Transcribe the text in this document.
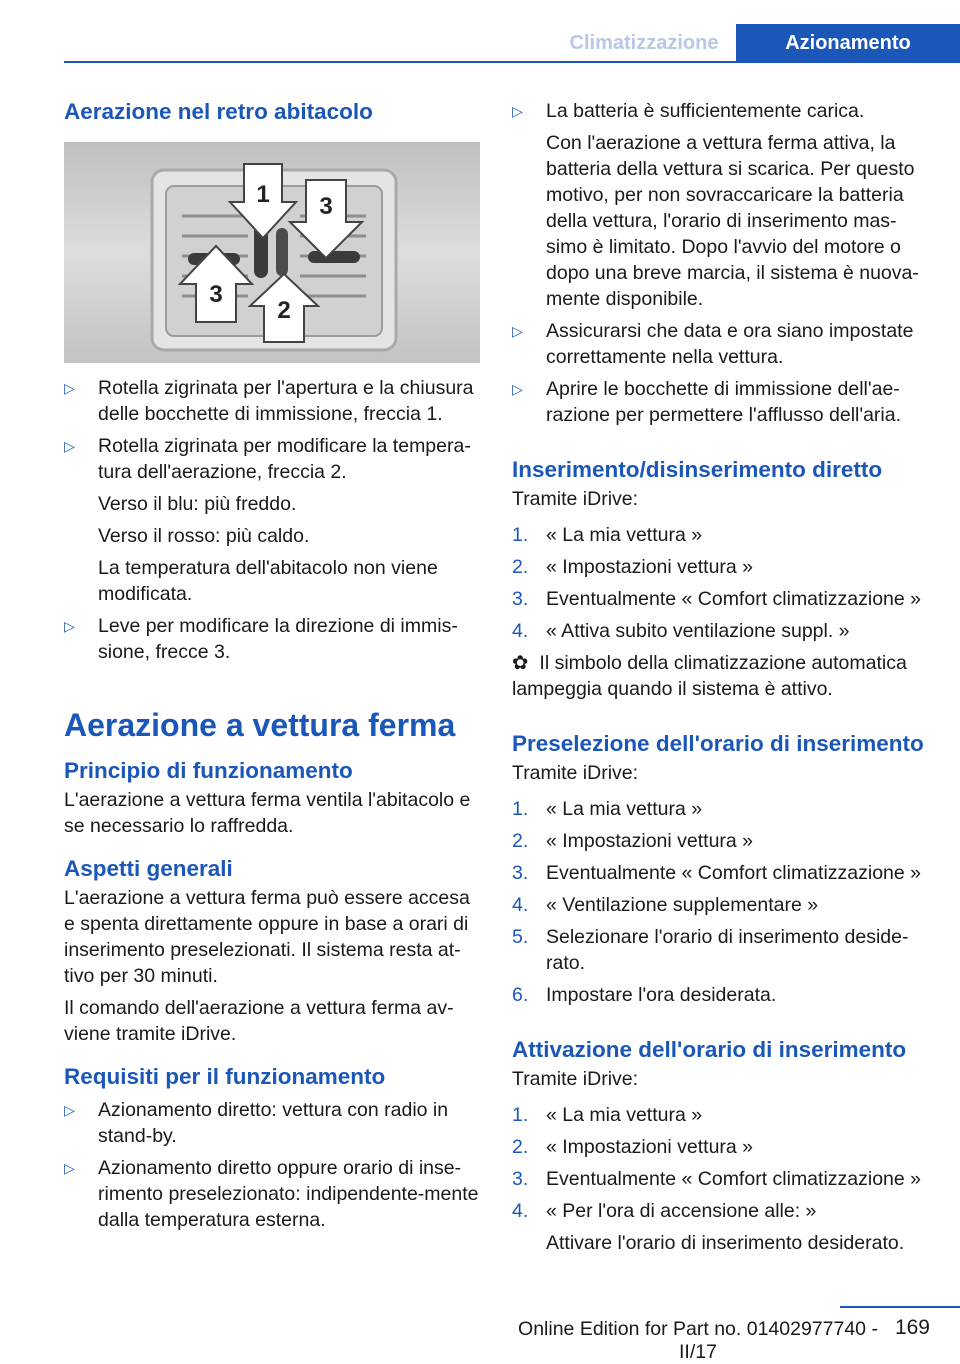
Climatizzazione	Azionamento
Aerazione nel retro abitacolo
1
2
3
3
▷ Rotella zigrinata per l'apertura e la chiusura delle bocchette di immissione, freccia 1.
▷ Rotella zigrinata per modificare la tempera‐tura dell'aerazione, freccia 2.

Verso il blu: più freddo.

Verso il rosso: più caldo.

La temperatura dell'abitacolo non viene modificata.

▷ Leve per modificare la direzione di immis‐sione, frecce 3.
Aerazione a vettura ferma
Principio di funzionamento

L'aerazione a vettura ferma ventila l'abitacolo e se necessario lo raffredda.

Aspetti generali

L'aerazione a vettura ferma può essere accesa e spenta direttamente oppure in base a orari di inserimento preselezionati. Il sistema resta at‐tivo per 30 minuti.

Il comando dell'aerazione a vettura ferma av‐viene tramite iDrive.

Requisiti per il funzionamento
▷ Azionamento diretto: vettura con radio in stand-by.
▷ Azionamento diretto oppure orario di inse‐rimento preselezionato: indipendente‐mente dalla temperatura esterna.
▷ La batteria è sufficientemente carica.

Con l'aerazione a vettura ferma attiva, la batteria della vettura si scarica. Per questo motivo, per non sovraccaricare la batteria della vettura, l'orario di inserimento mas‐simo è limitato. Dopo l'avvio del motore o dopo una breve marcia, il sistema è nuova‐mente disponibile.

▷ Assicurarsi che data e ora siano impostate correttamente nella vettura.
▷ Aprire le bocchette di immissione dell'ae‐razione per permettere l'afflusso dell'aria.
Inserimento/disinserimento diretto

Tramite iDrive:

1. « La mia vettura »
2. « Impostazioni vettura »
3. Eventualmente « Comfort climatizzazione »
4. « Attiva subito ventilazione suppl. »

✿ Il simbolo della climatizzazione automatica lampeggia quando il sistema è attivo.

Preselezione dell'orario di inserimento

Tramite iDrive:

1. « La mia vettura »
2. « Impostazioni vettura »
3. Eventualmente « Comfort climatizzazione »
4. « Ventilazione supplementare »
5. Selezionare l'orario di inserimento deside‐rato.
6. Impostare l'ora desiderata.
Attivazione dell'orario di inserimento

Tramite iDrive:

1. « La mia vettura »
2. « Impostazioni vettura »
3. Eventualmente « Comfort climatizzazione »
4. « Per l'ora di accensione alle: »

Attivare l'orario di inserimento desiderato.

169
Online Edition for Part no. 01402977740 - II/17
